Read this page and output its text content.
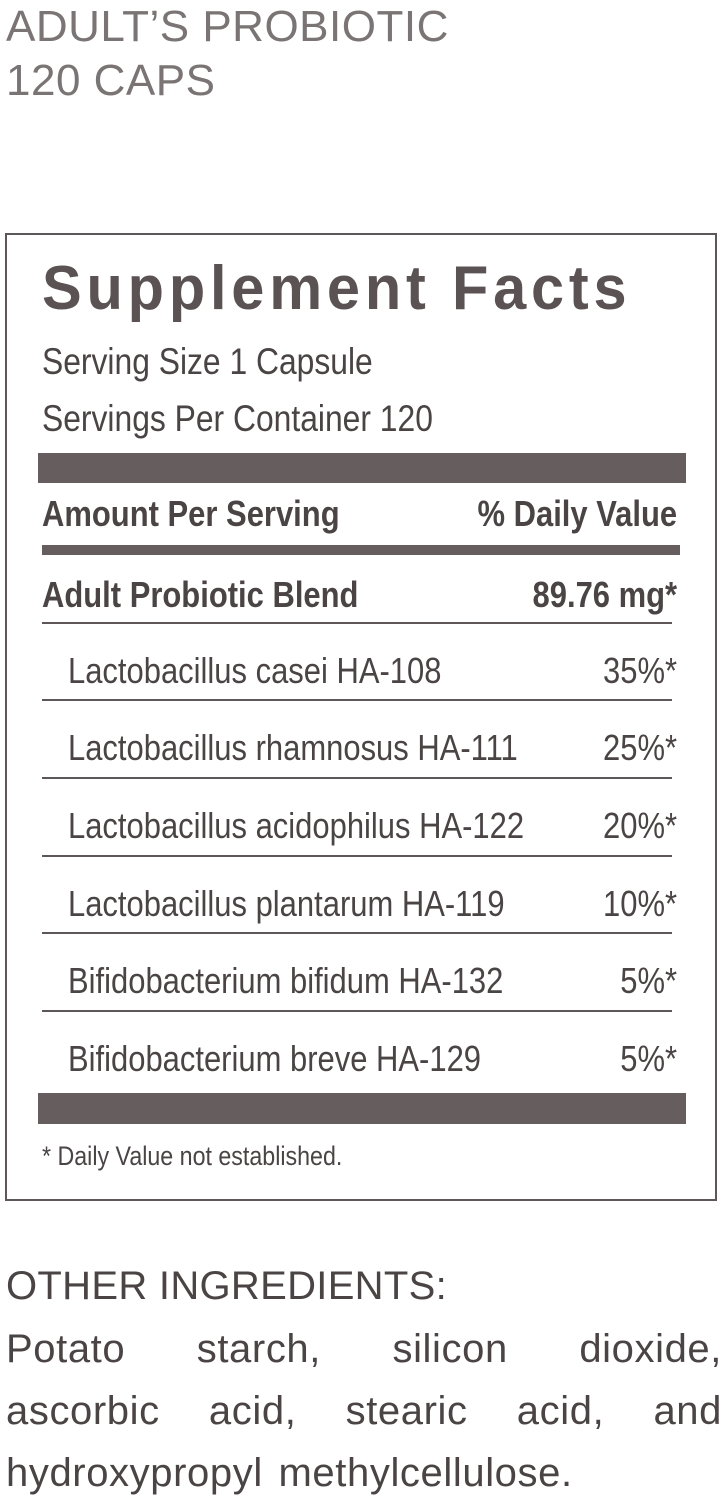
ADULT’S PROBIOTIC
120 CAPS
Supplement Facts
Serving Size 1 Capsule
Servings Per Container 120
Amount Per Serving	% Daily Value
Adult Probiotic Blend	89.76 mg*
Lactobacillus casei HA-108	35%*
Lactobacillus rhamnosus HA-111 25%*
Lactobacillus acidophilus HA-122 20%*
Lactobacillus plantarum HA-119	10%*
Bifidobacterium bifidum HA-132	5%*
Bifidobacterium breve HA-129	5%*
* Daily Value not established.
OTHER INGREDIENTS:

Potato starch, silicon dioxide, ascorbic acid, stearic acid, and hydroxypropyl methylcellulose.
